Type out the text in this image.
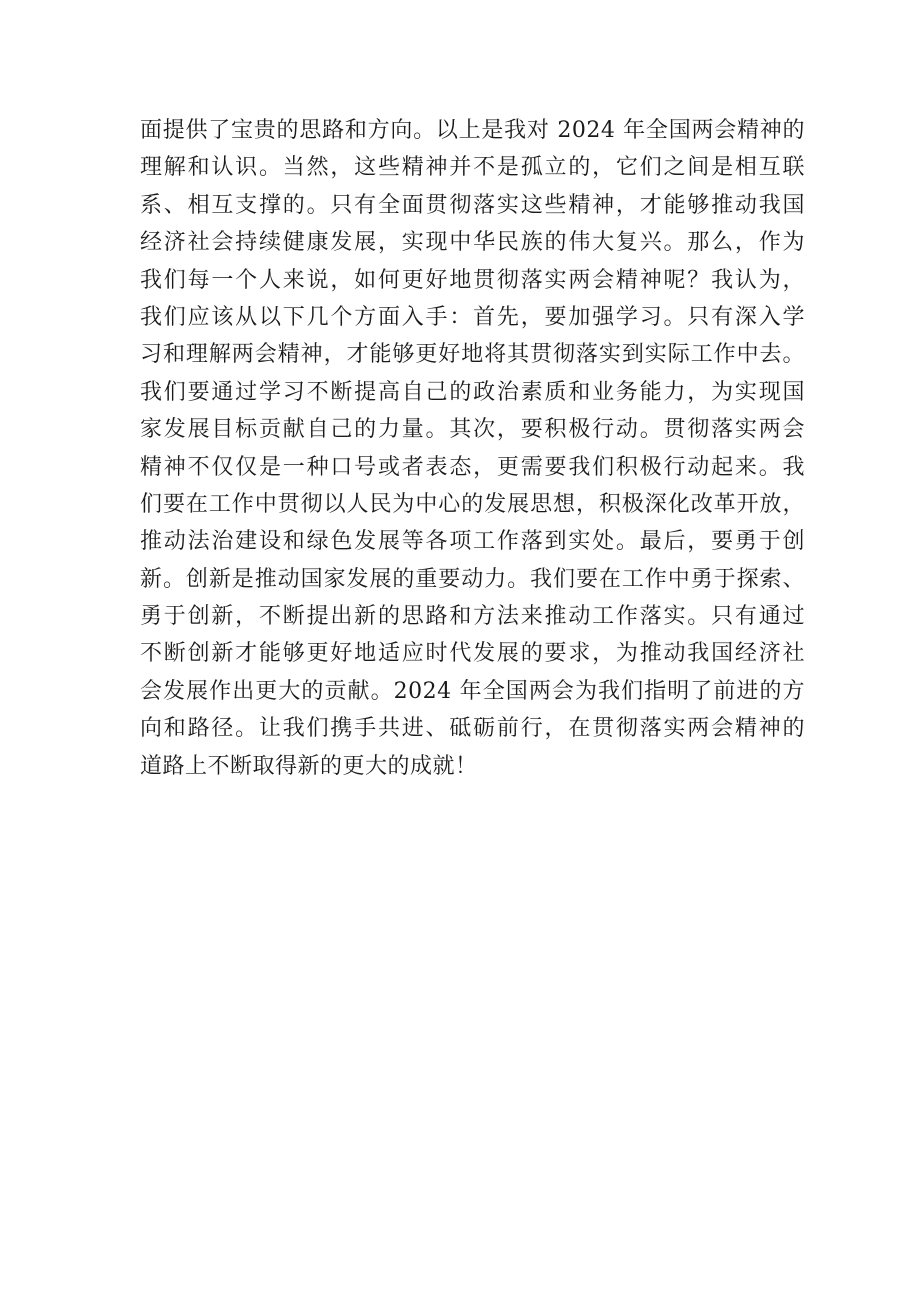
面提供了宝贵的思路和方向。以上是我对 2024 年全国两会精神的
理解和认识。当然，这些精神并不是孤立的，它们之间是相互联
系、相互支撑的。只有全面贯彻落实这些精神，才能够推动我国
经济社会持续健康发展，实现中华民族的伟大复兴。那么，作为
我们每一个人来说，如何更好地贯彻落实两会精神呢？我认为，
我们应该从以下几个方面入手：首先，要加强学习。只有深入学
习和理解两会精神，才能够更好地将其贯彻落实到实际工作中去。
我们要通过学习不断提高自己的政治素质和业务能力，为实现国
家发展目标贡献自己的力量。其次，要积极行动。贯彻落实两会
精神不仅仅是一种口号或者表态，更需要我们积极行动起来。我
们要在工作中贯彻以人民为中心的发展思想，积极深化改革开放，
推动法治建设和绿色发展等各项工作落到实处。最后，要勇于创
新。创新是推动国家发展的重要动力。我们要在工作中勇于探索、
勇于创新，不断提出新的思路和方法来推动工作落实。只有通过
不断创新才能够更好地适应时代发展的要求，为推动我国经济社
会发展作出更大的贡献。2024 年全国两会为我们指明了前进的方
向和路径。让我们携手共进、砥砺前行，在贯彻落实两会精神的
道路上不断取得新的更大的成就！
